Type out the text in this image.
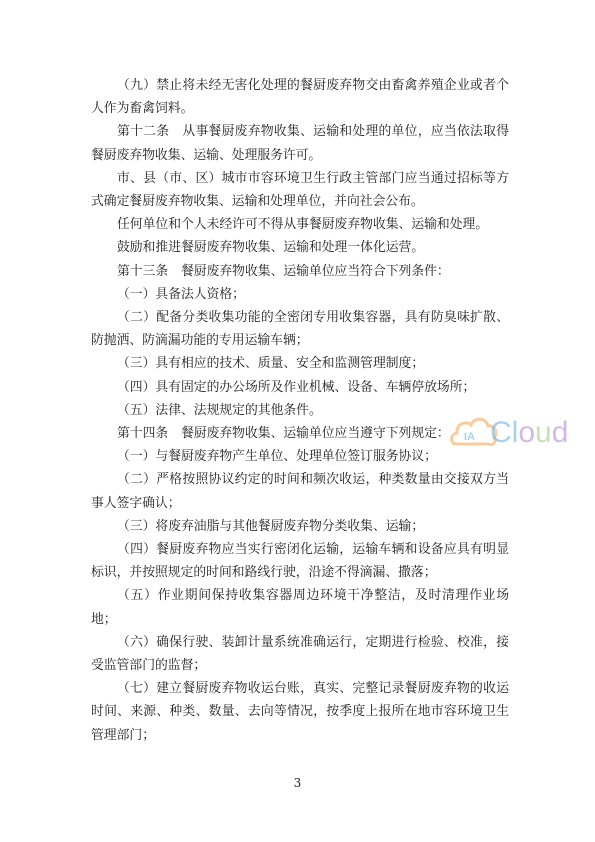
（九）禁止将未经无害化处理的餐厨废弃物交由畜禽养殖企业或者个人作为畜禽饲料。

第十二条　从事餐厨废弃物收集、运输和处理的单位，应当依法取得餐厨废弃物收集、运输、处理服务许可。

市、县（市、区）城市市容环境卫生行政主管部门应当通过招标等方式确定餐厨废弃物收集、运输和处理单位，并向社会公布。

任何单位和个人未经许可不得从事餐厨废弃物收集、运输和处理。

鼓励和推进餐厨废弃物收集、运输和处理一体化运营。

第十三条　餐厨废弃物收集、运输单位应当符合下列条件：

（一）具备法人资格；

（二）配备分类收集功能的全密闭专用收集容器，具有防臭味扩散、防抛洒、防滴漏功能的专用运输车辆；

（三）具有相应的技术、质量、安全和监测管理制度；

（四）具有固定的办公场所及作业机械、设备、车辆停放场所；

（五）法律、法规规定的其他条件。

第十四条　餐厨废弃物收集、运输单位应当遵守下列规定：

（一）与餐厨废弃物产生单位、处理单位签订服务协议；

（二）严格按照协议约定的时间和频次收运，种类数量由交接双方当事人签字确认；

（三）将废弃油脂与其他餐厨废弃物分类收集、运输；

（四）餐厨废弃物应当实行密闭化运输，运输车辆和设备应具有明显标识，并按照规定的时间和路线行驶，沿途不得滴漏、撒落；

（五）作业期间保持收集容器周边环境干净整洁，及时清理作业场地；

（六）确保行驶、装卸计量系统准确运行，定期进行检验、校准，接受监管部门的监督；

（七）建立餐厨废弃物收运台账，真实、完整记录餐厨废弃物的收运时间、来源、种类、数量、去向等情况，按季度上报所在地市容环境卫生管理部门；

IA Cloud
3
